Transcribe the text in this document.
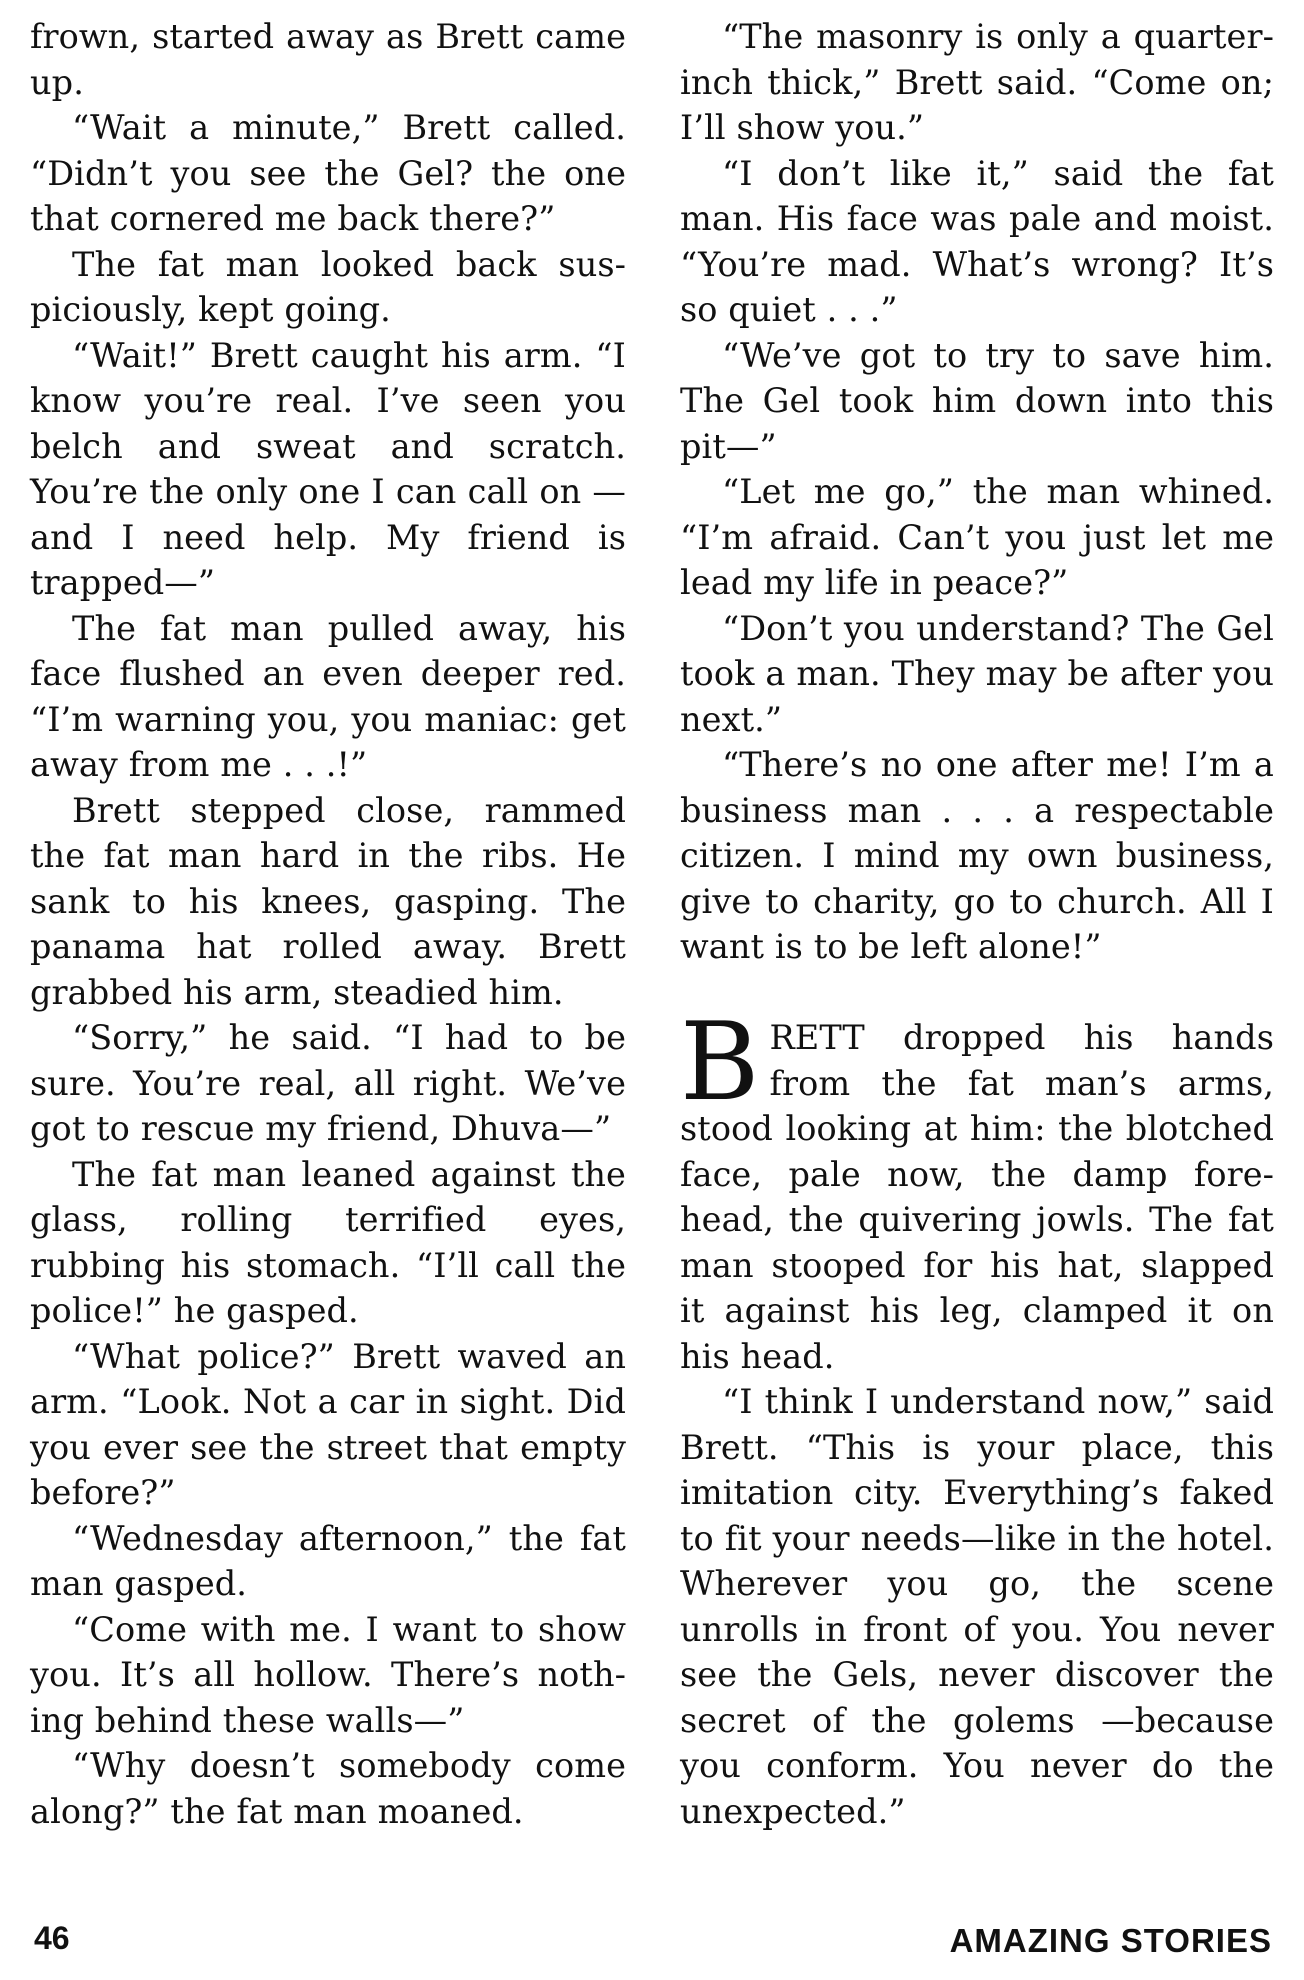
frown, started away as Brett came up.

“Wait a minute,” Brett called. “Didn’t you see the Gel? the one that cornered me back there?”

The fat man looked back suspiciously, kept going.

“Wait!” Brett caught his arm. “I know you’re real. I’ve seen you belch and sweat and scratch. You’re the only one I can call on —and I need help. My friend is trapped—”

The fat man pulled away, his face flushed an even deeper red. “I’m warning you, you maniac: get away from me . . .!”

Brett stepped close, rammed the fat man hard in the ribs. He sank to his knees, gasping. The panama hat rolled away. Brett grabbed his arm, steadied him.

“Sorry,” he said. “I had to be sure. You’re real, all right. We’ve got to rescue my friend, Dhuva—”

The fat man leaned against the glass, rolling terrified eyes, rubbing his stomach. “I’ll call the police!” he gasped.

“What police?” Brett waved an arm. “Look. Not a car in sight. Did you ever see the street that empty before?”

“Wednesday afternoon,” the fat man gasped.

“Come with me. I want to show you. It’s all hollow. There’s nothing behind these walls—”

“Why doesn’t somebody come along?” the fat man moaned.

“The masonry is only a quarter-inch thick,” Brett said. “Come on; I’ll show you.”

“I don’t like it,” said the fat man. His face was pale and moist. “You’re mad. What’s wrong? It’s so quiet . . .”

“We’ve got to try to save him. The Gel took him down into this pit—”

“Let me go,” the man whined. “I’m afraid. Can’t you just let me lead my life in peace?”

“Don’t you understand? The Gel took a man. They may be after you next.”

“There’s no one after me! I’m a business man . . . a respectable citizen. I mind my own business, give to charity, go to church. All I want is to be left alone!”

BRETT dropped his hands from the fat man’s arms, stood looking at him: the blotched face, pale now, the damp forehead, the quivering jowls. The fat man stooped for his hat, slapped it against his leg, clamped it on his head.

“I think I understand now,” said Brett. “This is your place, this imitation city. Everything’s faked to fit your needs—like in the hotel. Wherever you go, the scene unrolls in front of you. You never see the Gels, never discover the secret of the golems —because you conform. You never do the unexpected.”

46	AMAZING STORIES
